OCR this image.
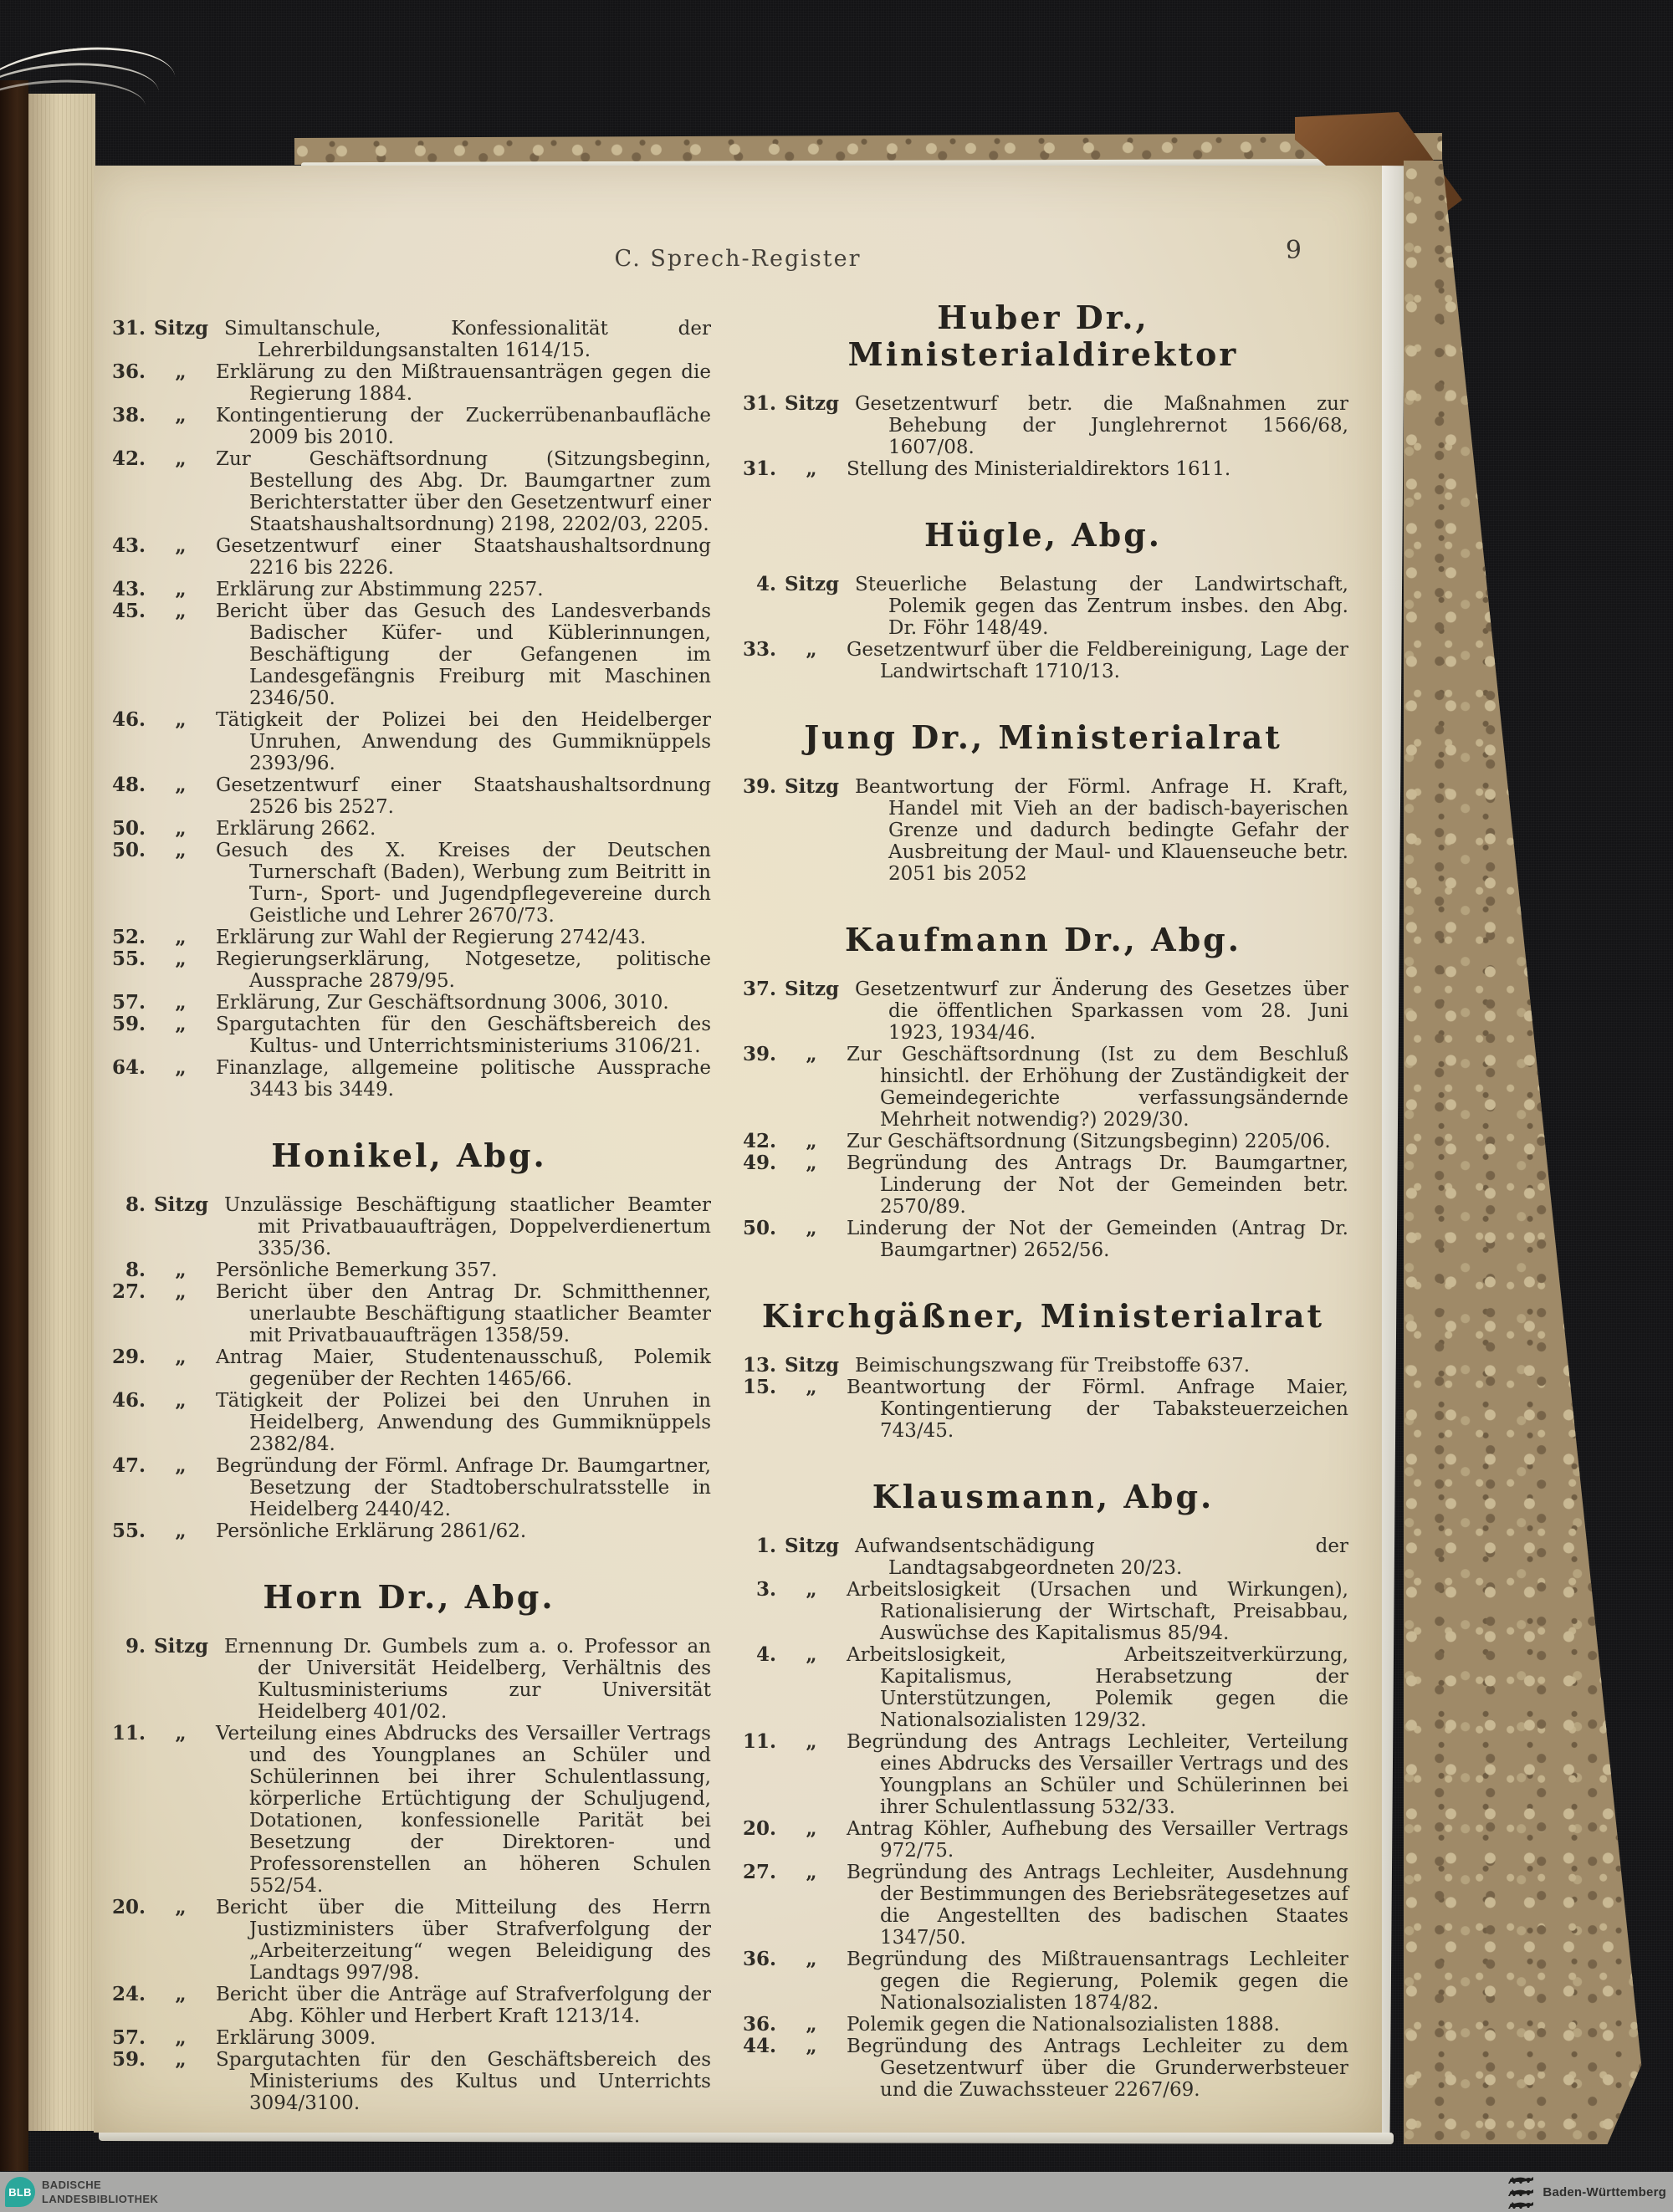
C. Sprech-Register	9
31. Sitzg Simultanschule, Konfessionalität der Lehrerbildungsanstalten 1614/15.
36.	„	Erklärung zu den Mißtrauensanträgen gegen die Regierung 1884.
38.	„	Kontingentierung der Zuckerrübenanbaufläche 2009 bis 2010.
42.	„	Zur Geschäftsordnung (Sitzungsbeginn, Bestellung des Abg. Dr. Baumgartner zum Berichterstatter über den Gesetzentwurf einer Staatshaushaltsordnung) 2198, 2202/03, 2205.
43.	„	Gesetzentwurf einer Staatshaushaltsordnung 2216 bis 2226.
43.	„	Erklärung zur Abstimmung 2257.
45.	„	Bericht über das Gesuch des Landesverbands Badischer Küfer- und Küblerinnungen, Beschäftigung der Gefangenen im Landesgefängnis Freiburg mit Maschinen 2346/50.
46.	„	Tätigkeit der Polizei bei den Heidelberger Unruhen, Anwendung des Gummiknüppels 2393/96.
48.	„	Gesetzentwurf einer Staatshaushaltsordnung 2526 bis 2527.
50.	„	Erklärung 2662.
50.	„	Gesuch des X. Kreises der Deutschen Turnerschaft (Baden), Werbung zum Beitritt in Turn-, Sport- und Jugendpflegevereine durch Geistliche und Lehrer 2670/73.
52.	„	Erklärung zur Wahl der Regierung 2742/43.
55.	„	Regierungserklärung, Notgesetze, politische Aussprache 2879/95.
57.	„	Erklärung, Zur Geschäftsordnung 3006, 3010.
59.	„	Spargutachten für den Geschäftsbereich des Kultus- und Unterrichtsministeriums 3106/21.
64.	„	Finanzlage, allgemeine politische Aussprache 3443 bis 3449.
Honikel, Abg.
8. Sitzg Unzulässige Beschäftigung staatlicher Beamter mit Privatbauaufträgen, Doppelverdienertum 335/36.
8.	„	Persönliche Bemerkung 357.
27.	„	Bericht über den Antrag Dr. Schmitthenner, unerlaubte Beschäftigung staatlicher Beamter mit Privatbauaufträgen 1358/59.
29.	„	Antrag Maier, Studentenausschuß, Polemik gegenüber der Rechten 1465/66.
46.	„	Tätigkeit der Polizei bei den Unruhen in Heidelberg, Anwendung des Gummiknüppels 2382/84.
47.	„	Begründung der Förml. Anfrage Dr. Baumgartner, Besetzung der Stadtoberschulratsstelle in Heidelberg 2440/42.
55.	„	Persönliche Erklärung 2861/62.
Horn Dr., Abg.
9. Sitzg Ernennung Dr. Gumbels zum a. o. Professor an der Universität Heidelberg, Verhältnis des Kultusministeriums zur Universität Heidelberg 401/02.
11.	„	Verteilung eines Abdrucks des Versailler Vertrags und des Youngplanes an Schüler und Schülerinnen bei ihrer Schulentlassung, körperliche Ertüchtigung der Schuljugend, Dotationen, konfessionelle Parität bei Besetzung der Direktoren- und Professorenstellen an höheren Schulen 552/54.
20.	„	Bericht über die Mitteilung des Herrn Justizministers über Strafverfolgung der „Arbeiterzeitung“ wegen Beleidigung des Landtags 997/98.
24.	„	Bericht über die Anträge auf Strafverfolgung der Abg. Köhler und Herbert Kraft 1213/14.
57.	„	Erklärung 3009.
59.	„	Spargutachten für den Geschäftsbereich des Ministeriums des Kultus und Unterrichts 3094/3100.
Huber Dr., Ministerialdirektor
31. Sitzg Gesetzentwurf betr. die Maßnahmen zur Behebung der Junglehrernot 1566/68, 1607/08.
31.	„	Stellung des Ministerialdirektors 1611.
Hügle, Abg.
4. Sitzg Steuerliche Belastung der Landwirtschaft, Polemik gegen das Zentrum insbes. den Abg. Dr. Föhr 148/49.
33.	„	Gesetzentwurf über die Feldbereinigung, Lage der Landwirtschaft 1710/13.
Jung Dr., Ministerialrat
39. Sitzg Beantwortung der Förml. Anfrage H. Kraft, Handel mit Vieh an der badisch-bayerischen Grenze und dadurch bedingte Gefahr der Ausbreitung der Maul- und Klauenseuche betr. 2051 bis 2052
Kaufmann Dr., Abg.
37. Sitzg Gesetzentwurf zur Änderung des Gesetzes über die öffentlichen Sparkassen vom 28. Juni 1923, 1934/46.
39.	„	Zur Geschäftsordnung (Ist zu dem Beschluß hinsichtl. der Erhöhung der Zuständigkeit der Gemeindegerichte verfassungsändernde Mehrheit notwendig?) 2029/30.
42.	„	Zur Geschäftsordnung (Sitzungsbeginn) 2205/06.
49.	„	Begründung des Antrags Dr. Baumgartner, Linderung der Not der Gemeinden betr. 2570/89.
50.	„	Linderung der Not der Gemeinden (Antrag Dr. Baumgartner) 2652/56.
Kirchgäßner, Ministerialrat
13. Sitzg Beimischungszwang für Treibstoffe 637.
15.	„	Beantwortung der Förml. Anfrage Maier, Kontingentierung der Tabaksteuerzeichen 743/45.
Klausmann, Abg.
1. Sitzg Aufwandsentschädigung der Landtagsabgeordneten 20/23.
3.	„	Arbeitslosigkeit (Ursachen und Wirkungen), Rationalisierung der Wirtschaft, Preisabbau, Auswüchse des Kapitalismus 85/94.
4.	„	Arbeitslosigkeit, Arbeitszeitverkürzung, Kapitalismus, Herabsetzung der Unterstützungen, Polemik gegen die Nationalsozialisten 129/32.
11.	„	Begründung des Antrags Lechleiter, Verteilung eines Abdrucks des Versailler Vertrags und des Youngplans an Schüler und Schülerinnen bei ihrer Schulentlassung 532/33.
20.	„	Antrag Köhler, Aufhebung des Versailler Vertrags 972/75.
27.	„	Begründung des Antrags Lechleiter, Ausdehnung der Bestimmungen des Beriebsrätegesetzes auf die Angestellten des badischen Staates 1347/50.
36.	„	Begründung des Mißtrauensantrags Lechleiter gegen die Regierung, Polemik gegen die Nationalsozialisten 1874/82.
36.	„	Polemik gegen die Nationalsozialisten 1888.
44.	„	Begründung des Antrags Lechleiter zu dem Gesetzentwurf über die Grunderwerbsteuer und die Zuwachssteuer 2267/69.
BLB
BADISCHE
LANDESBIBLIOTHEK	Baden-Württemberg
